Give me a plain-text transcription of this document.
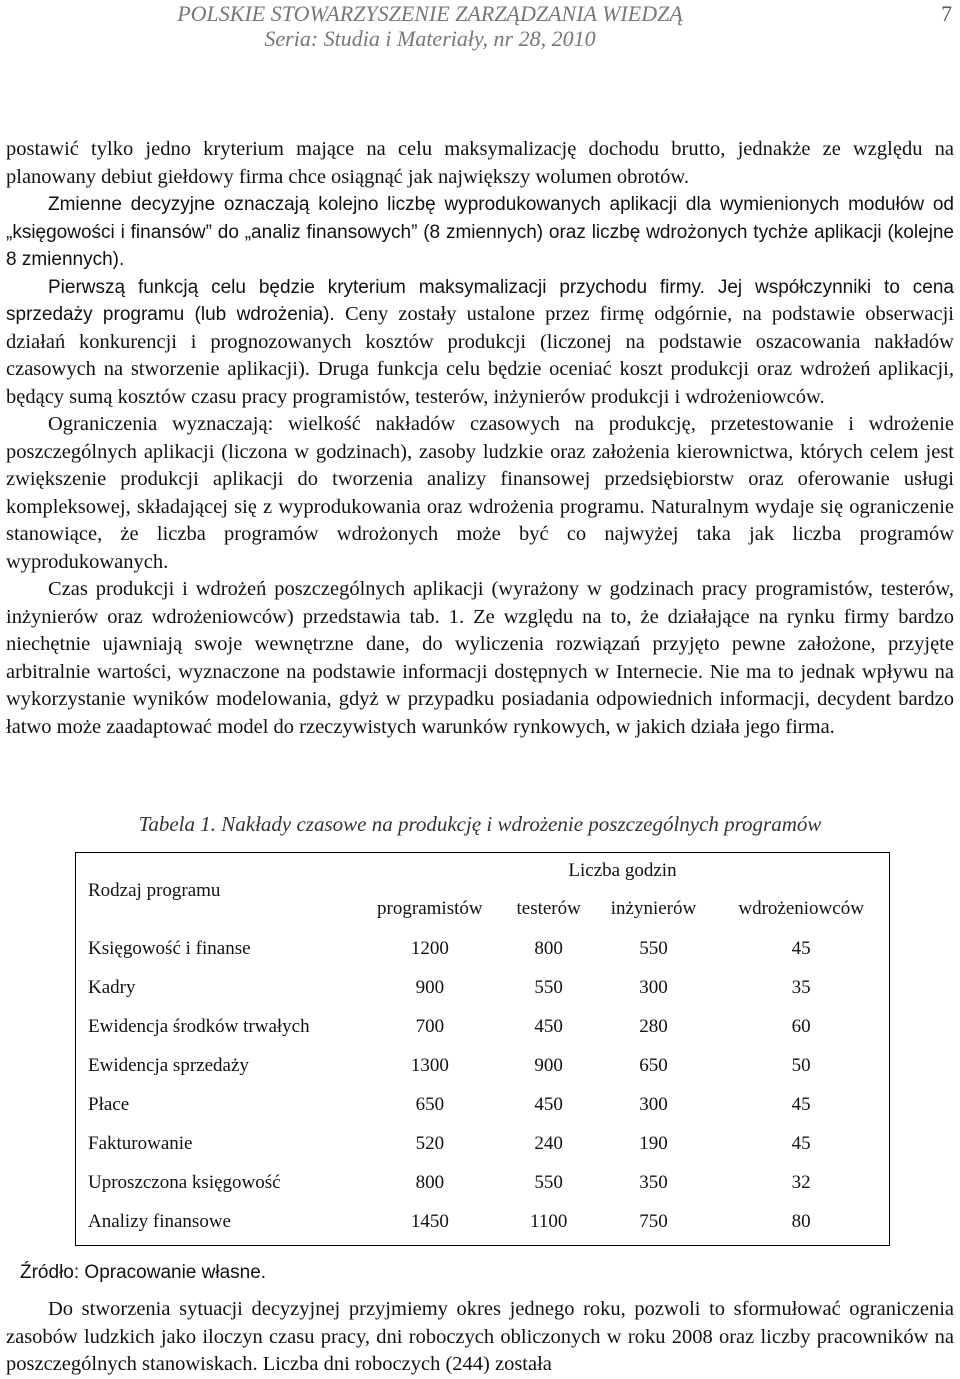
POLSKIE STOWARZYSZENIE ZARZĄDZANIA WIEDZĄ
Seria: Studia i Materiały, nr 28, 2010
7

postawić tylko jedno kryterium mające na celu maksymalizację dochodu brutto, jednakże ze względu na planowany debiut giełdowy firma chce osiągnąć jak największy wolumen obrotów.

Zmienne decyzyjne oznaczają kolejno liczbę wyprodukowanych aplikacji dla wymienionych modułów od „księgowości i finansów” do „analiz finansowych” (8 zmiennych) oraz liczbę wdrożonych tychże aplikacji (kolejne 8 zmiennych).

Pierwszą funkcją celu będzie kryterium maksymalizacji przychodu firmy. Jej współczynniki to cena sprzedaży programu (lub wdrożenia). Ceny zostały ustalone przez firmę odgórnie, na podstawie obserwacji działań konkurencji i prognozowanych kosztów produkcji (liczonej na podstawie oszacowania nakładów czasowych na stworzenie aplikacji). Druga funkcja celu będzie oceniać koszt produkcji oraz wdrożeń aplikacji, będący sumą kosztów czasu pracy programistów, testerów, inżynierów produkcji i wdrożeniowców.

Ograniczenia wyznaczają: wielkość nakładów czasowych na produkcję, przetestowanie i wdrożenie poszczególnych aplikacji (liczona w godzinach), zasoby ludzkie oraz założenia kierownictwa, których celem jest zwiększenie produkcji aplikacji do tworzenia analizy finansowej przedsiębiorstw oraz oferowanie usługi kompleksowej, składającej się z wyprodukowania oraz wdrożenia programu. Naturalnym wydaje się ograniczenie stanowiące, że liczba programów wdrożonych może być co najwyżej taka jak liczba programów wyprodukowanych.

Czas produkcji i wdrożeń poszczególnych aplikacji (wyrażony w godzinach pracy programistów, testerów, inżynierów oraz wdrożeniowców) przedstawia tab. 1. Ze względu na to, że działające na rynku firmy bardzo niechętnie ujawniają swoje wewnętrzne dane, do wyliczenia rozwiązań przyjęto pewne założone, przyjęte arbitralnie wartości, wyznaczone na podstawie informacji dostępnych w Internecie. Nie ma to jednak wpływu na wykorzystanie wyników modelowania, gdyż w przypadku posiadania odpowiednich informacji, decydent bardzo łatwo może zaadaptować model do rzeczywistych warunków rynkowych, w jakich działa jego firma.

Tabela 1. Nakłady czasowe na produkcję i wdrożenie poszczególnych programów
Rodzaj programu	Liczba godzin			
	programistów	testerów	inżynierów	wdrożeniowców
Księgowość i finanse	1200	800	550	45
Kadry	900	550	300	35
Ewidencja środków trwałych	700	450	280	60
Ewidencja sprzedaży	1300	900	650	50
Płace	650	450	300	45
Fakturowanie	520	240	190	45
Uproszczona księgowość	800	550	350	32
Analizy finansowe	1450	1100	750	80
Źródło: Opracowanie własne.

Do stworzenia sytuacji decyzyjnej przyjmiemy okres jednego roku, pozwoli to sformułować ograniczenia zasobów ludzkich jako iloczyn czasu pracy, dni roboczych obliczonych w roku 2008 oraz liczby pracowników na poszczególnych stanowiskach. Liczba dni roboczych (244) została
